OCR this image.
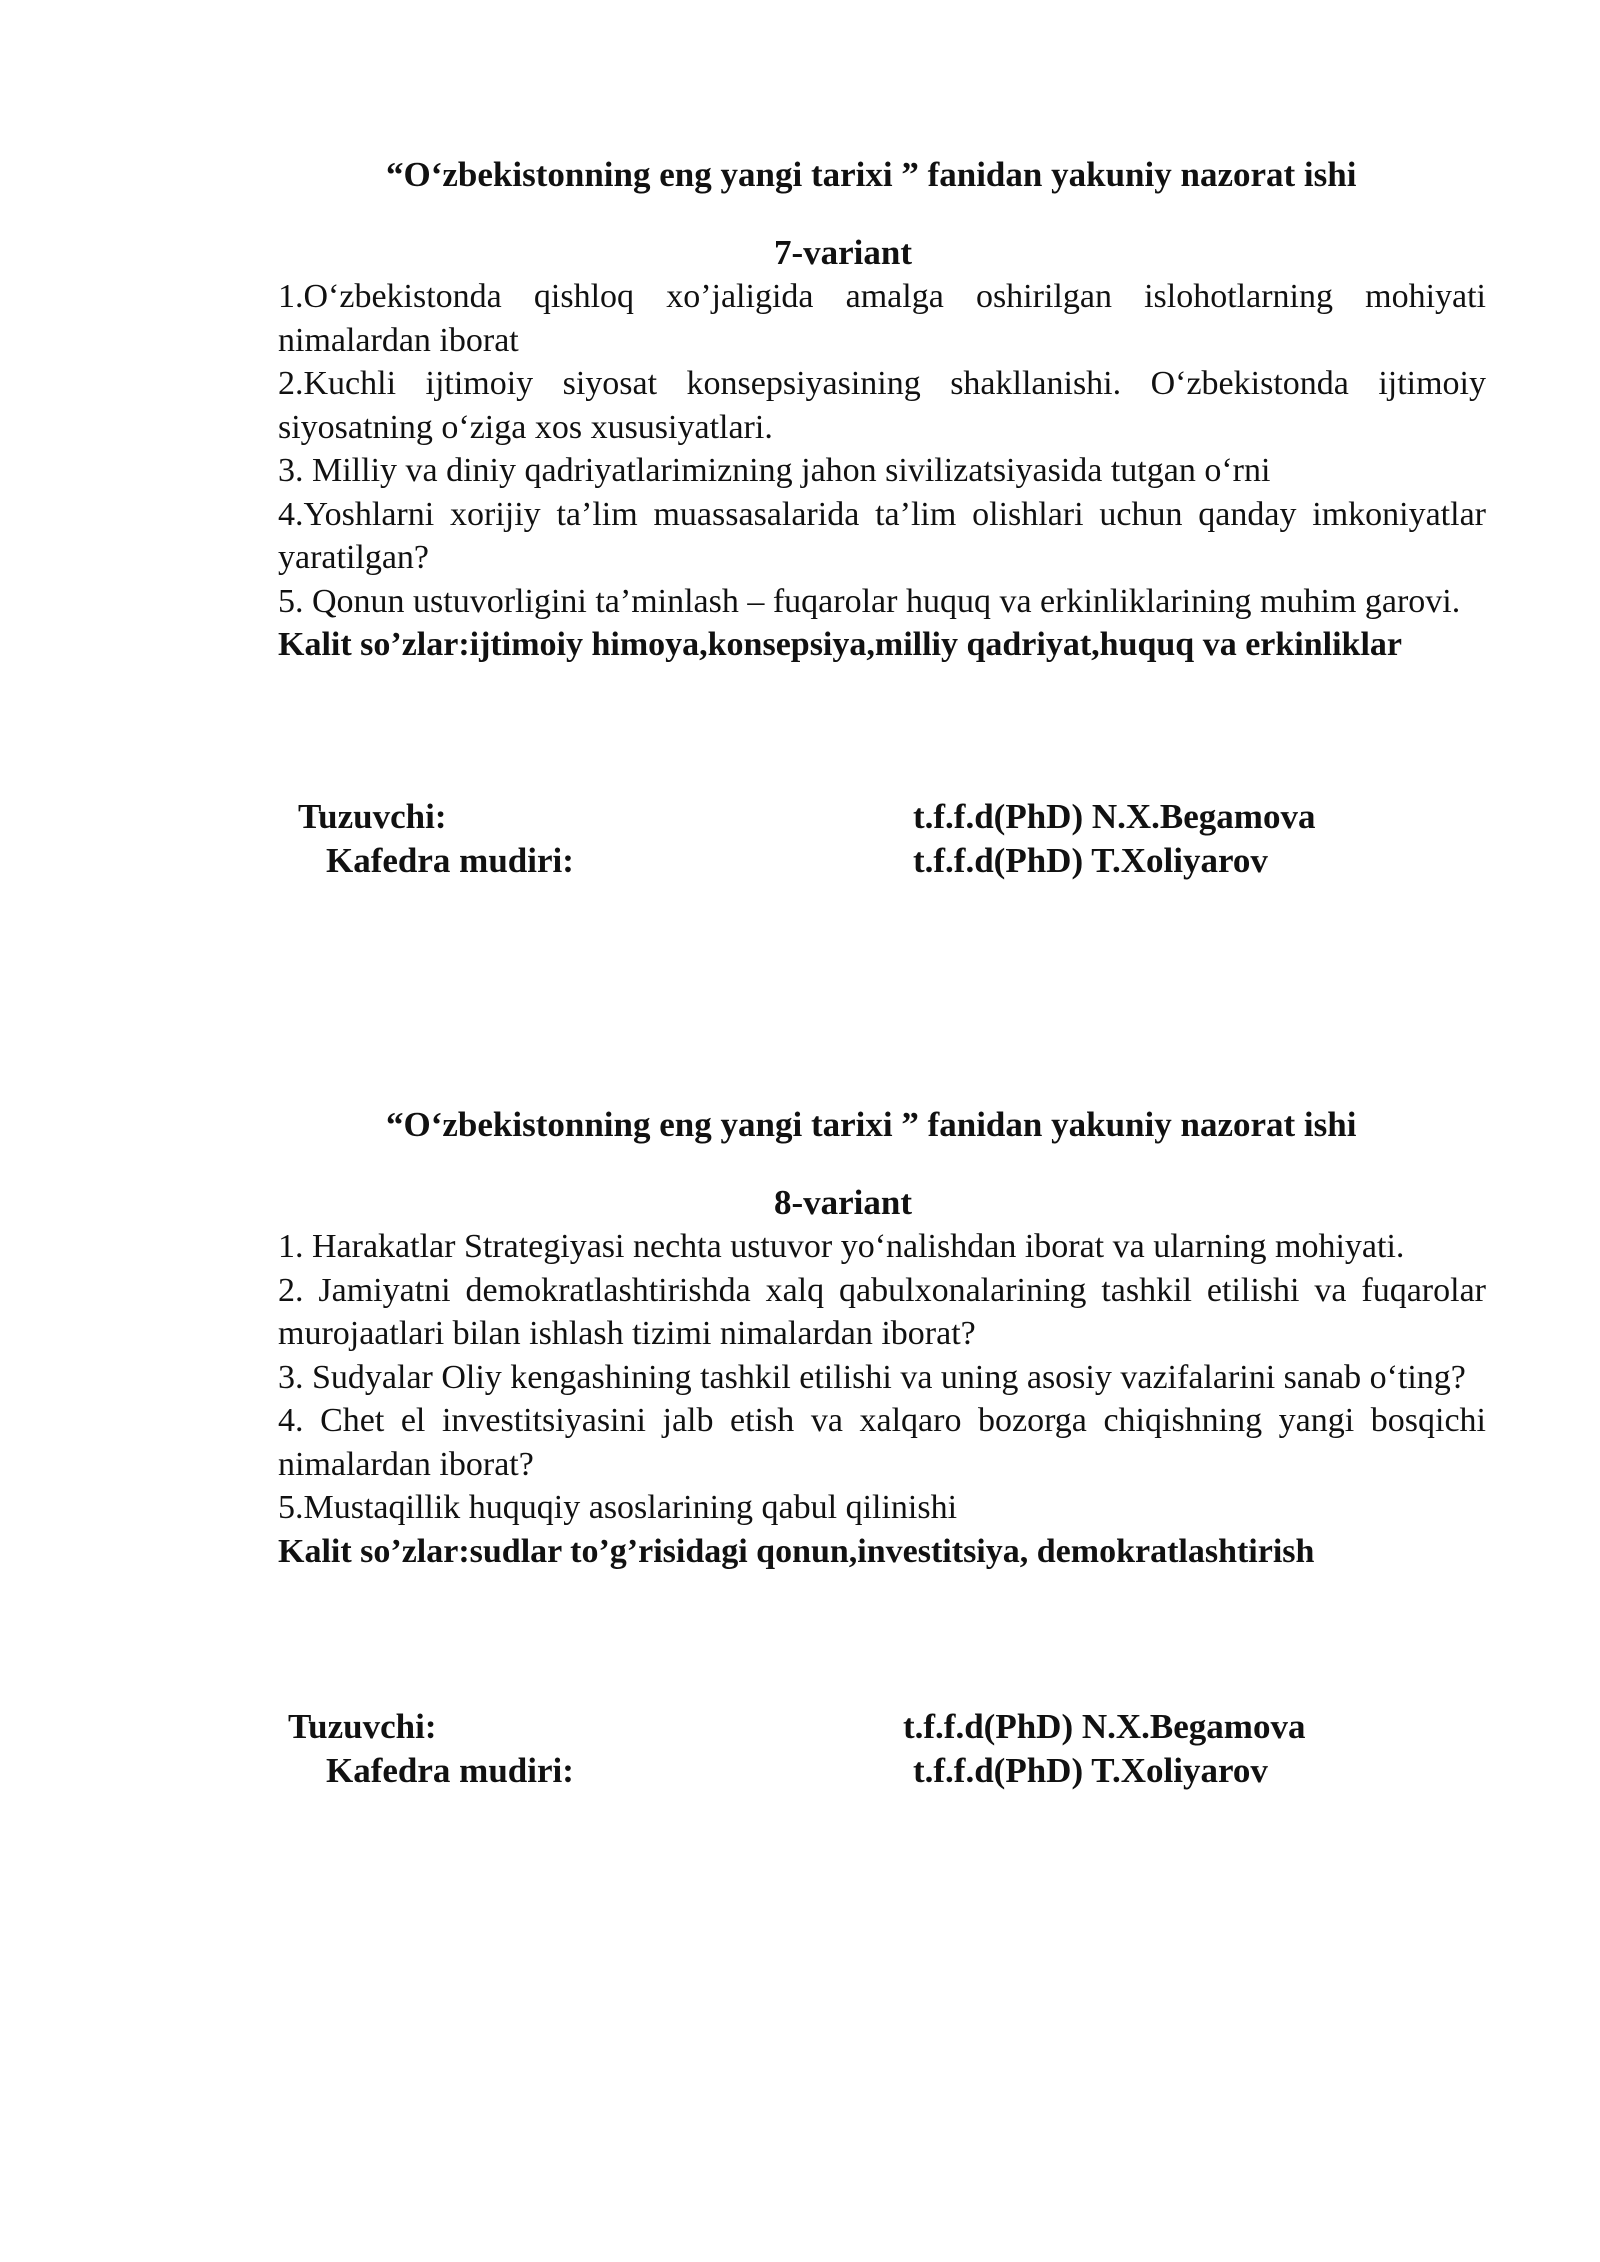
“O‘zbekistonning eng yangi tarixi ” fanidan yakuniy nazorat ishi
7-variant

1.O‘zbekistonda qishloq xo’jaligida amalga oshirilgan islohotlarning mohiyati nimalardan iborat

2.Kuchli ijtimoiy siyosat konsepsiyasining shakllanishi. O‘zbekistonda ijtimoiy siyosatning o‘ziga xos xususiyatlari.

3. Milliy va diniy qadriyatlarimizning jahon sivilizatsiyasida tutgan o‘rni

4.Yoshlarni xorijiy ta’lim muassasalarida ta’lim olishlari uchun qanday imkoniyatlar yaratilgan?

5. Qonun ustuvorligini ta’minlash – fuqarolar huquq va erkinliklarining muhim garovi.

Kalit so’zlar:ijtimoiy himoya,konsepsiya,milliy qadriyat,huquq va erkinliklar

Tuzuvchi:	t.f.f.d(PhD) N.X.Begamova
Kafedra mudiri:	t.f.f.d(PhD) T.Xoliyarov
“O‘zbekistonning eng yangi tarixi ” fanidan yakuniy nazorat ishi
8-variant

1. Harakatlar Strategiyasi nechta ustuvor yo‘nalishdan iborat va ularning mohiyati.

2. Jamiyatni demokratlashtirishda xalq qabulxonalarining tashkil etilishi va fuqarolar murojaatlari bilan ishlash tizimi nimalardan iborat?

3. Sudyalar Oliy kengashining tashkil etilishi va uning asosiy vazifalarini sanab o‘ting?

4. Chet el investitsiyasini jalb etish va xalqaro bozorga chiqishning yangi bosqichi nimalardan iborat?

5.Mustaqillik huquqiy asoslarining qabul qilinishi

Kalit so’zlar:sudlar to’g’risidagi qonun,investitsiya, demokratlashtirish

Tuzuvchi:	t.f.f.d(PhD) N.X.Begamova
Kafedra mudiri:	t.f.f.d(PhD) T.Xoliyarov
